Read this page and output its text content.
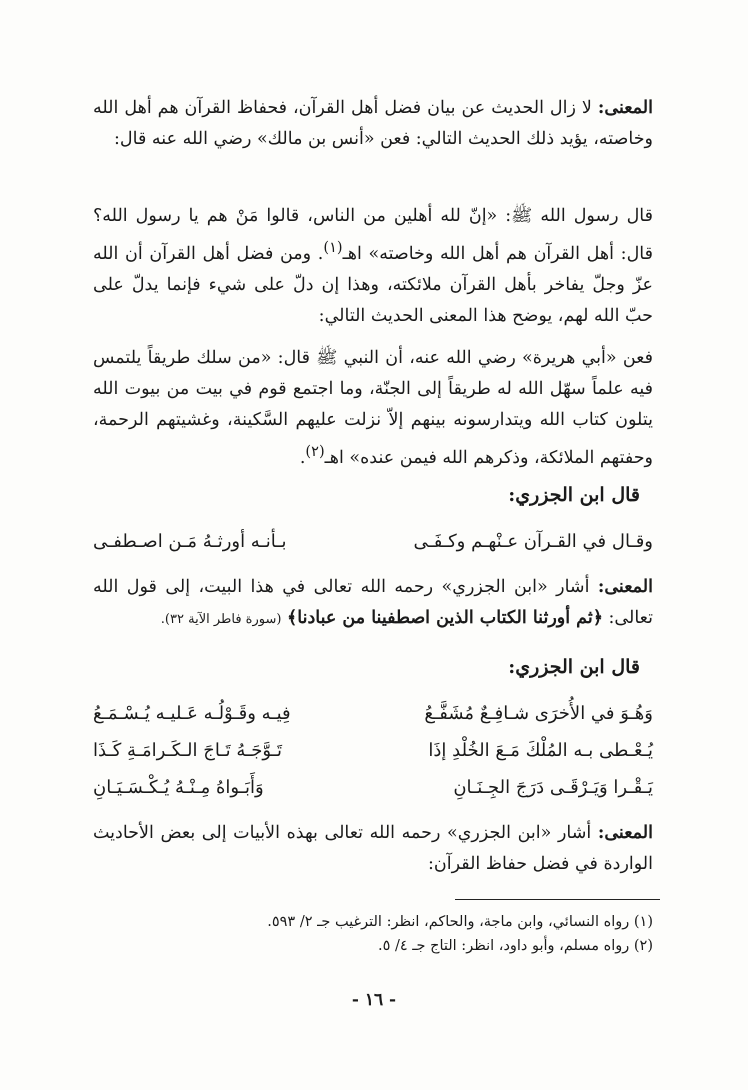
المعنى: لا زال الحديث عن بيان فضل أهل القرآن، فحفاظ القرآن هم أهل الله وخاصته، يؤيد ذلك الحديث التالي: فعن «أنس بن مالك» رضي الله عنه قال:
قال رسول الله ﷺ: «إنّ لله أهلين من الناس، قالوا مَنْ هم يا رسول الله؟ قال: أهل القرآن هم أهل الله وخاصته» اهـ$^{(١)}$. ومن فضل أهل القرآن أن الله عزّ وجلّ يفاخر بأهل القرآن ملائكته، وهذا إن دلّ على شيء فإنما يدلّ على حبّ الله لهم، يوضح هذا المعنى الحديث التالي:
فعن «أبي هريرة» رضي الله عنه، أن النبي ﷺ قال: «من سلك طريقاً يلتمس فيه علماً سهّل الله له طريقاً إلى الجنّة، وما اجتمع قوم في بيت من بيوت الله يتلون كتاب الله ويتدارسونه بينهم إلاّ نزلت عليهم السَّكينة، وغشيتهم الرحمة، وحفتهم الملائكة، وذكرهم الله فيمن عنده» اهـ$^{(٢)}$.
قال ابن الجزري:
وقـال في القـرآن عـنْهـم وكـفَـى
بـأنـه أورثـهُ مَـن اصـطفـى
المعنى: أشار «ابن الجزري» رحمه الله تعالى في هذا البيت، إلى قول الله تعالى: ﴿ثم أورثنا الكتاب الذين اصطفينا من عبادنا﴾ (سورة فاطر الآية ٣٢).
قال ابن الجزري:
وَهُـوَ في الأُخرَى شـافِـعٌ مُشَفَّـعُ
فِيـه وقَـوْلُـه عَـليـه يُـسْـمَـعُ
يُـعْـطى بـه المُلْكَ مَـعَ الخُلْدِ إذَا
تَـوَّجَـهُ تَـاجَ الـكَـرامَـةِ كَـذَا
يَـقْـرا وَيَـرْقَـى دَرَجَ الجِـنَـانِ
وَأَبَـواهُ مِـنْـهُ يُـكْـسَـيَـانِ
المعنى: أشار «ابن الجزري» رحمه الله تعالى بهذه الأبيات إلى بعض الأحاديث الواردة في فضل حفاظ القرآن:
(١) رواه النسائي، وابن ماجة، والحاكم، انظر: الترغيب جـ ٢/ ٥٩٣.
(٢) رواه مسلم، وأبو داود، انظر: التاج جـ ٤/ ٥.
- ١٦ -
